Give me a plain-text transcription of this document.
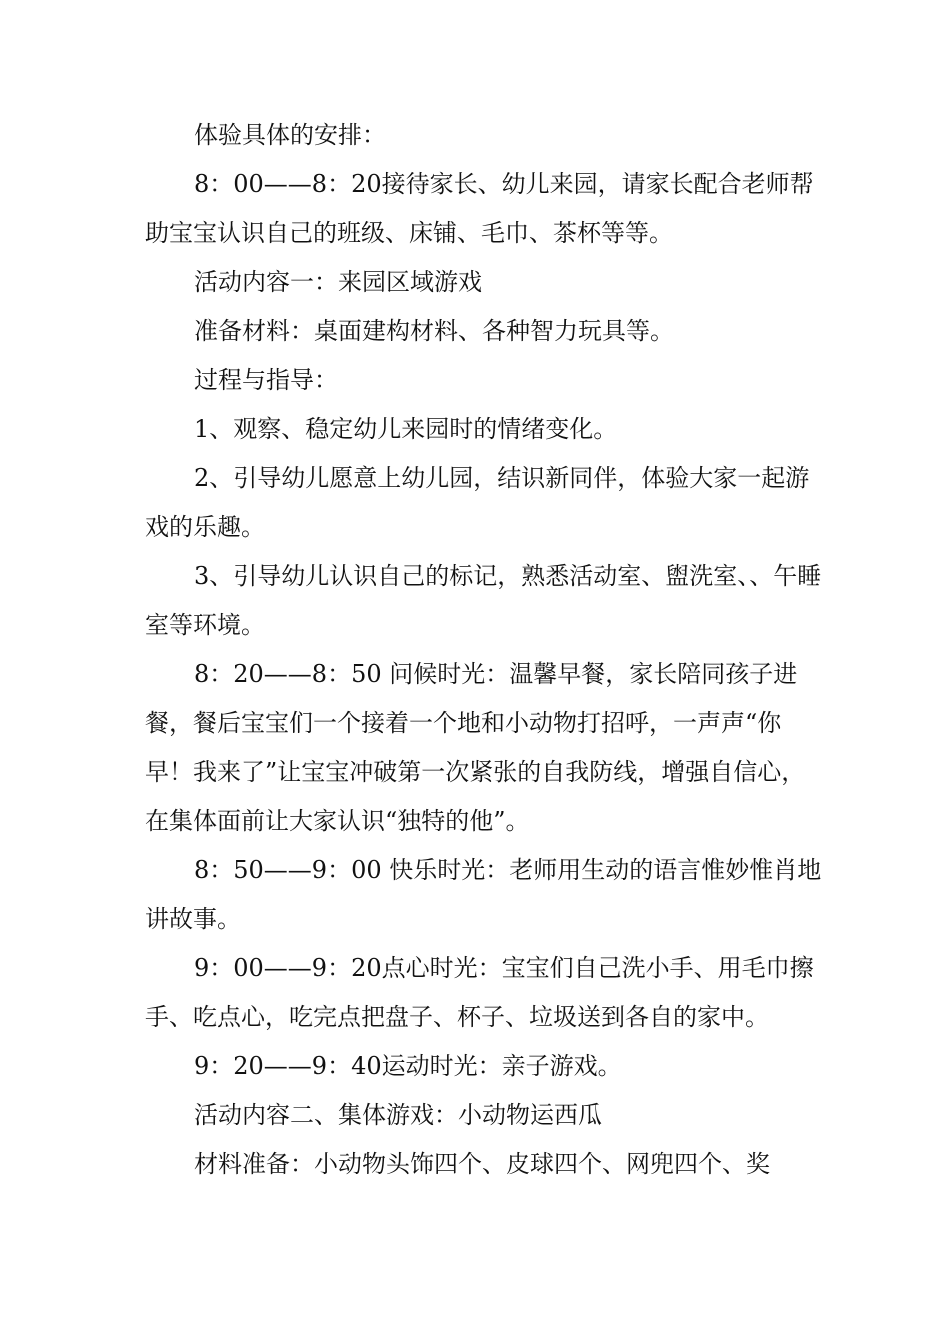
体验具体的安排：

8：00——8：20接待家长、幼儿来园，请家长配合老师帮助宝宝认识自己的班级、床铺、毛巾、茶杯等等。

活动内容一：来园区域游戏

准备材料：桌面建构材料、各种智力玩具等。

过程与指导：

1、观察、稳定幼儿来园时的情绪变化。

2、引导幼儿愿意上幼儿园，结识新同伴，体验大家一起游戏的乐趣。

3、引导幼儿认识自己的标记，熟悉活动室、盥洗室、、午睡室等环境。

8：20——8：50 问候时光：温馨早餐，家长陪同孩子进餐，餐后宝宝们一个接着一个地和小动物打招呼，一声声“你早！我来了”让宝宝冲破第一次紧张的自我防线，增强自信心，在集体面前让大家认识“独特的他”。

8：50——9：00 快乐时光：老师用生动的语言惟妙惟肖地讲故事。

9：00——9：20点心时光：宝宝们自己洗小手、用毛巾擦手、吃点心，吃完点把盘子、杯子、垃圾送到各自的家中。

9：20——9：40运动时光：亲子游戏。

活动内容二、集体游戏：小动物运西瓜

材料准备：小动物头饰四个、皮球四个、网兜四个、奖
